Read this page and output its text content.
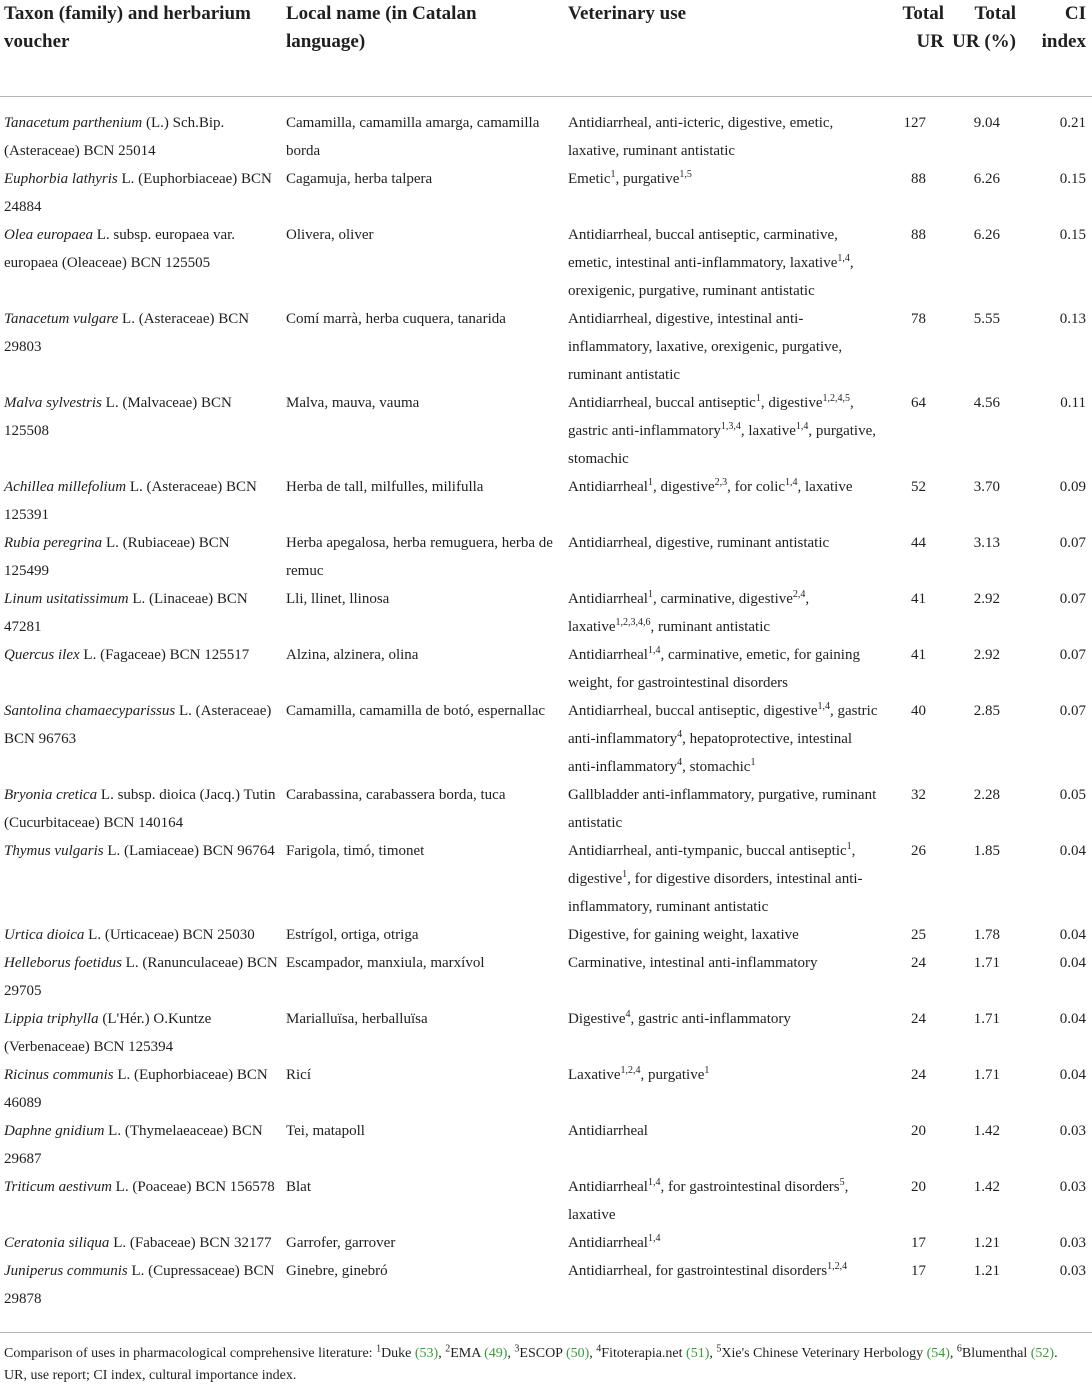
Taxon (family) and herbarium voucher	Local name (in Catalan language)	Veterinary use	Total UR	Total UR (%)	CI index
Tanacetum parthenium (L.) Sch.Bip. (Asteraceae) BCN 25014	Camamilla, camamilla amarga, camamilla borda	Antidiarrheal, anti-icteric, digestive, emetic, laxative, ruminant antistatic	127	9.04	0.21
Euphorbia lathyris L. (Euphorbiaceae) BCN 24884	Cagamuja, herba talpera	Emetic$^1$, purgative$^{1,5}$	88	6.26	0.15
Olea europaea L. subsp. europaea var. europaea (Oleaceae) BCN 125505	Olivera, oliver	Antidiarrheal, buccal antiseptic, carminative, emetic, intestinal anti-inflammatory, laxative$^{1,4}$, orexigenic, purgative, ruminant antistatic	88	6.26	0.15
Tanacetum vulgare L. (Asteraceae) BCN 29803	Comí marrà, herba cuquera, tanarida	Antidiarrheal, digestive, intestinal anti-inflammatory, laxative, orexigenic, purgative, ruminant antistatic	78	5.55	0.13
Malva sylvestris L. (Malvaceae) BCN 125508	Malva, mauva, vauma	Antidiarrheal, buccal antiseptic$^1$, digestive$^{1,2,4,5}$, gastric anti-inflammatory$^{1,3,4}$, laxative$^{1,4}$, purgative, stomachic	64	4.56	0.11
Achillea millefolium L. (Asteraceae) BCN 125391	Herba de tall, milfulles, milifulla	Antidiarrheal$^1$, digestive$^{2,3}$, for colic$^{1,4}$, laxative	52	3.70	0.09
Rubia peregrina L. (Rubiaceae) BCN 125499	Herba apegalosa, herba remuguera, herba de remuc	Antidiarrheal, digestive, ruminant antistatic	44	3.13	0.07
Linum usitatissimum L. (Linaceae) BCN 47281	Lli, llinet, llinosa	Antidiarrheal$^1$, carminative, digestive$^{2,4}$, laxative$^{1,2,3,4,6}$, ruminant antistatic	41	2.92	0.07
Quercus ilex L. (Fagaceae) BCN 125517	Alzina, alzinera, olina	Antidiarrheal$^{1,4}$, carminative, emetic, for gaining weight, for gastrointestinal disorders	41	2.92	0.07
Santolina chamaecyparissus L. (Asteraceae) BCN 96763	Camamilla, camamilla de botó, espernallac	Antidiarrheal, buccal antiseptic, digestive$^{1,4}$, gastric anti-inflammatory$^4$, hepatoprotective, intestinal anti-inflammatory$^4$, stomachic$^1$	40	2.85	0.07
Bryonia cretica L. subsp. dioica (Jacq.) Tutin (Cucurbitaceae) BCN 140164	Carabassina, carabassera borda, tuca	Gallbladder anti-inflammatory, purgative, ruminant antistatic	32	2.28	0.05
Thymus vulgaris L. (Lamiaceae) BCN 96764	Farigola, timó, timonet	Antidiarrheal, anti-tympanic, buccal antiseptic$^1$, digestive$^1$, for digestive disorders, intestinal anti-inflammatory, ruminant antistatic	26	1.85	0.04
Urtica dioica L. (Urticaceae) BCN 25030	Estrígol, ortiga, otriga	Digestive, for gaining weight, laxative	25	1.78	0.04
Helleborus foetidus L. (Ranunculaceae) BCN 29705	Escampador, manxiula, marxívol	Carminative, intestinal anti-inflammatory	24	1.71	0.04
Lippia triphylla (L'Hér.) O.Kuntze (Verbenaceae) BCN 125394	Marialluïsa, herballuïsa	Digestive$^4$, gastric anti-inflammatory	24	1.71	0.04
Ricinus communis L. (Euphorbiaceae) BCN 46089	Ricí	Laxative$^{1,2,4}$, purgative$^1$	24	1.71	0.04
Daphne gnidium L. (Thymelaeaceae) BCN 29687	Tei, matapoll	Antidiarrheal	20	1.42	0.03
Triticum aestivum L. (Poaceae) BCN 156578	Blat	Antidiarrheal$^{1,4}$, for gastrointestinal disorders$^5$, laxative	20	1.42	0.03
Ceratonia siliqua L. (Fabaceae) BCN 32177	Garrofer, garrover	Antidiarrheal$^{1,4}$	17	1.21	0.03
Juniperus communis L. (Cupressaceae) BCN 29878	Ginebre, ginebró	Antidiarrheal, for gastrointestinal disorders$^{1,2,4}$	17	1.21	0.03
Comparison of uses in pharmacological comprehensive literature: $^1$Duke (53), $^2$EMA (49), $^3$ESCOP (50), $^4$Fitoterapia.net (51), $^5$Xie's Chinese Veterinary Herbology (54), $^6$Blumenthal (52).
UR, use report; CI index, cultural importance index.
